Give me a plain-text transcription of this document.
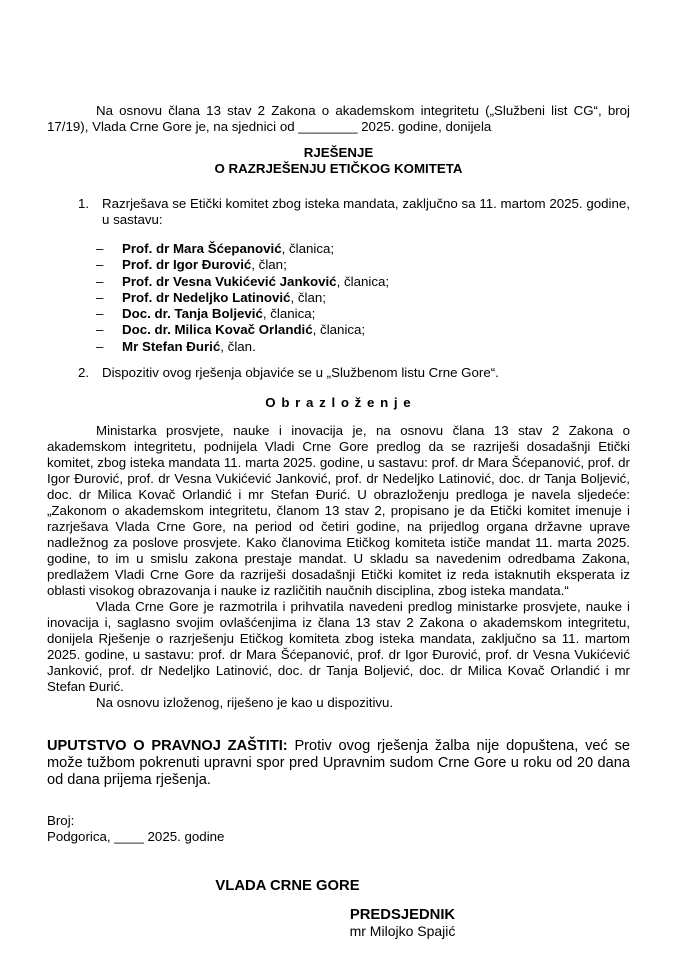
Na osnovu člana 13 stav 2 Zakona o akademskom integritetu („Službeni list CG“, broj 17/19), Vlada Crne Gore je, na sjednici od ________ 2025. godine, donijela

RJEŠENJE
O RAZRJEŠENJU ETIČKOG KOMITETA
1. Razrješava se Etički komitet zbog isteka mandata, zaključno sa 11. martom 2025. godine, u sastavu:
– Prof. dr Mara Šćepanović, članica;
– Prof. dr Igor Đurović, član;
– Prof. dr Vesna Vukićević Janković, članica;
– Prof. dr Nedeljko Latinović, član;
– Doc. dr. Tanja Boljević, članica;
– Doc. dr. Milica Kovač Orlandić, članica;
– Mr Stefan Đurić, član.
2. Dispozitiv ovog rješenja objaviće se u „Službenom listu Crne Gore“.
O b r a z l o ž e n j e

Ministarka prosvjete, nauke i inovacija je, na osnovu člana 13 stav 2 Zakona o akademskom integritetu, podnijela Vladi Crne Gore predlog da se razriješi dosadašnji Etički komitet, zbog isteka mandata 11. marta 2025. godine, u sastavu: prof. dr Mara Šćepanović, prof. dr Igor Đurović, prof. dr Vesna Vukićević Janković, prof. dr Nedeljko Latinović, doc. dr Tanja Boljević, doc. dr Milica Kovač Orlandić i mr Stefan Đurić. U obrazloženju predloga je navela sljedeće: „Zakonom o akademskom integritetu, članom 13 stav 2, propisano je da Etički komitet imenuje i razrješava Vlada Crne Gore, na period od četiri godine, na prijedlog organa državne uprave nadležnog za poslove prosvjete. Kako članovima Etičkog komiteta ističe mandat 11. marta 2025. godine, to im u smislu zakona prestaje mandat. U skladu sa navedenim odredbama Zakona, predlažem Vladi Crne Gore da razriješi dosadašnji Etički komitet iz reda istaknutih eksperata iz oblasti visokog obrazovanja i nauke iz različitih naučnih disciplina, zbog isteka mandata.“

Vlada Crne Gore je razmotrila i prihvatila navedeni predlog ministarke prosvjete, nauke i inovacija i, saglasno svojim ovlašćenjima iz člana 13 stav 2 Zakona o akademskom integritetu, donijela Rješenje o razrješenju Etičkog komiteta zbog isteka mandata, zaključno sa 11. martom 2025. godine, u sastavu: prof. dr Mara Šćepanović, prof. dr Igor Đurović, prof. dr Vesna Vukićević Janković, prof. dr Nedeljko Latinović, doc. dr Tanja Boljević, doc. dr Milica Kovač Orlandić i mr Stefan Đurić.

Na osnovu izloženog, riješeno je kao u dispozitivu.

UPUTSTVO O PRAVNOJ ZAŠTITI: Protiv ovog rješenja žalba nije dopuštena, već se može tužbom pokrenuti upravni spor pred Upravnim sudom Crne Gore u roku od 20 dana od dana prijema rješenja.

Broj:
Podgorica, ____ 2025. godine
VLADA CRNE GORE
PREDSJEDNIK
mr Milojko Spajić
